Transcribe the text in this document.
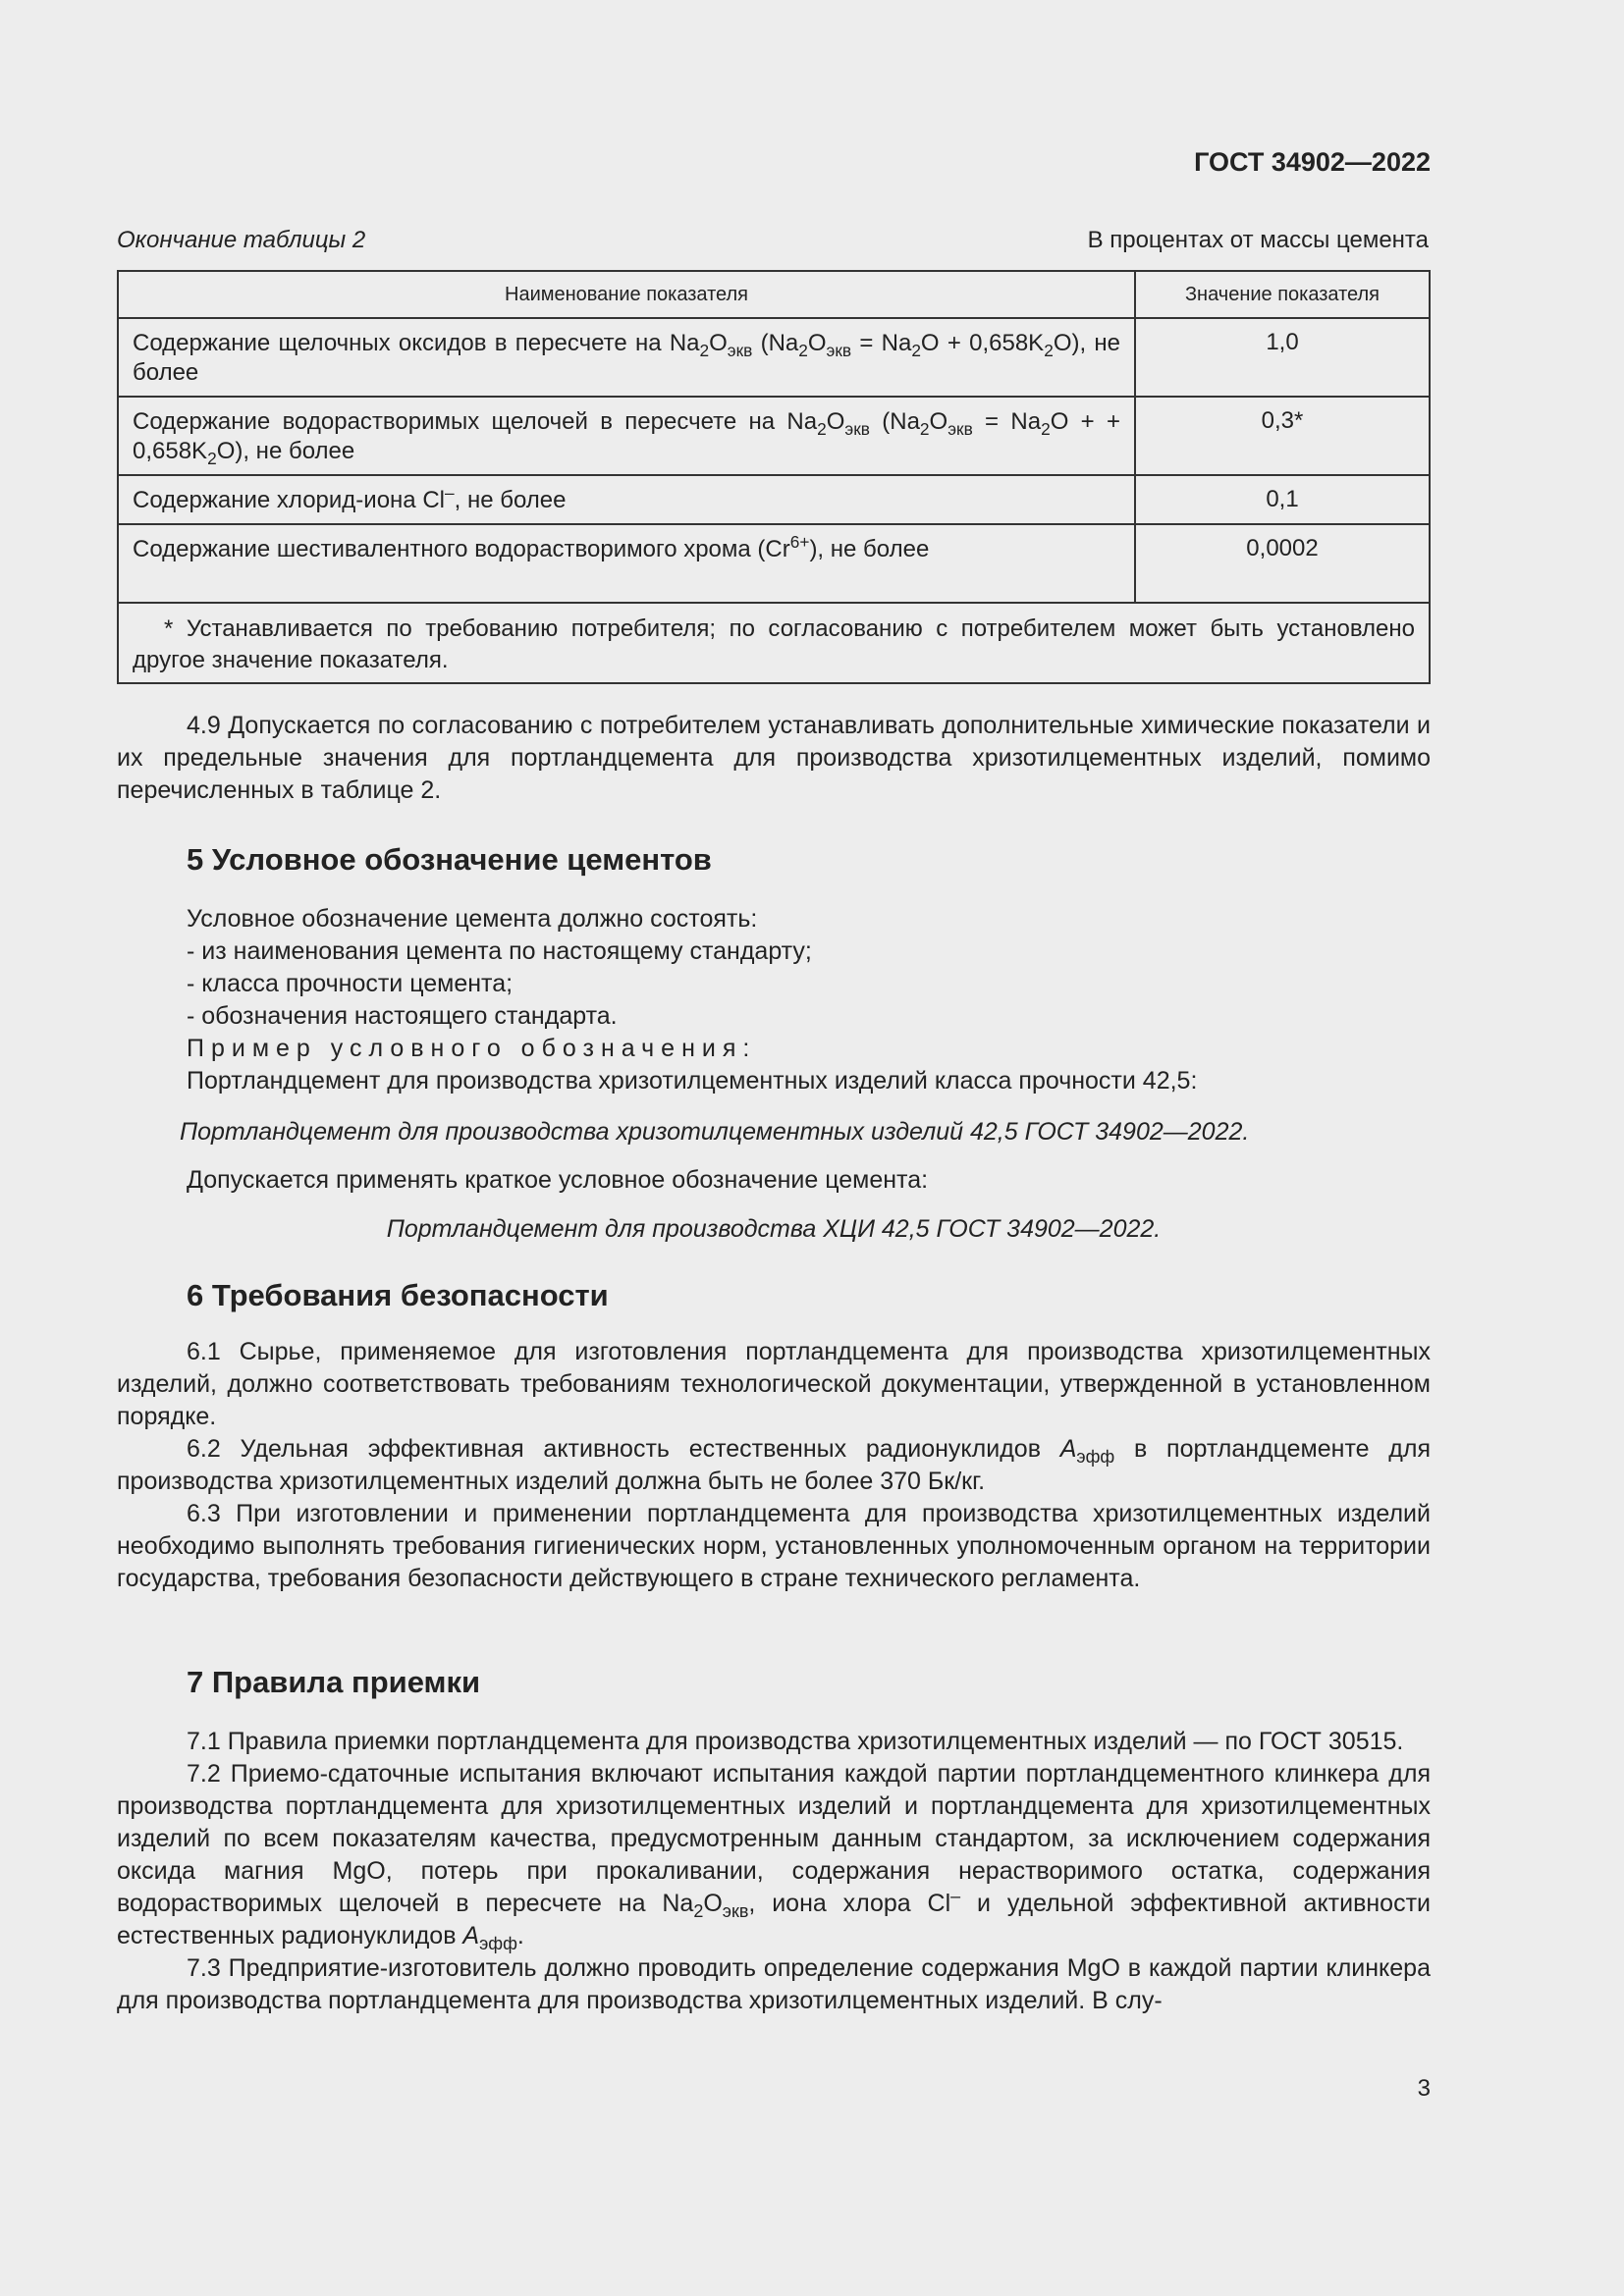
ГОСТ 34902—2022
Окончание таблицы 2	В процентах от массы цемента
Наименование показателя	Значение показателя
Содержание щелочных оксидов в пересчете на $Na_2O_{экв}$ $(Na_2O_{экв} = Na_2O + 0,658K_2O)$, не более	1,0
Содержание водорастворимых щелочей в пересчете на $Na_2O_{экв}$ ($Na_2O_{экв} = Na_2O$ + + $0,658K_2O$), не более	0,3*
Содержание хлорид-иона Cl–, не более	0,1
Содержание шестивалентного водорастворимого хрома $(Cr^{6+})$, не более	0,0002
* Устанавливается по требованию потребителя; по согласованию с потребителем может быть установлено другое значение показателя.	

4.9 Допускается по согласованию с потребителем устанавливать дополнительные химические показатели и их предельные значения для портландцемента для производства хризотилцементных изделий, помимо перечисленных в таблице 2.

5 Условное обозначение цементов

Условное обозначение цемента должно состоять:

- из наименования цемента по настоящему стандарту;

- класса прочности цемента;

- обозначения настоящего стандарта.

Пример условного обозначения:

Портландцемент для производства хризотилцементных изделий класса прочности 42,5:

Портландцемент для производства хризотилцементных изделий 42,5 ГОСТ 34902—2022.

Допускается применять краткое условное обозначение цемента:

Портландцемент для производства ХЦИ 42,5 ГОСТ 34902—2022.

6 Требования безопасности

6.1 Сырье, применяемое для изготовления портландцемента для производства хризотилцементных изделий, должно соответствовать требованиям технологической документации, утвержденной в установленном порядке.

6.2 Удельная эффективная активность естественных радионуклидов $A_{эфф}$ в портландцементе для производства хризотилцементных изделий должна быть не более 370 Бк/кг.

6.3 При изготовлении и применении портландцемента для производства хризотилцементных изделий необходимо выполнять требования гигиенических норм, установленных уполномоченным органом на территории государства, требования безопасности действующего в стране технического регламента.

7 Правила приемки

7.1 Правила приемки портландцемента для производства хризотилцементных изделий — по ГОСТ 30515.

7.2 Приемо-сдаточные испытания включают испытания каждой партии портландцементного клинкера для производства портландцемента для хризотилцементных изделий и портландцемента для хризотилцементных изделий по всем показателям качества, предусмотренным данным стандартом, за исключением содержания оксида магния MgO, потерь при прокаливании, содержания нерастворимого остатка, содержания водорастворимых щелочей в пересчете на $Na_2O_{экв}$, иона хлора Cl– и удельной эффективной активности естественных радионуклидов $A_{эфф}$.

7.3 Предприятие-изготовитель должно проводить определение содержания MgO в каждой партии клинкера для производства портландцемента для производства хризотилцементных изделий. В слу-

3
